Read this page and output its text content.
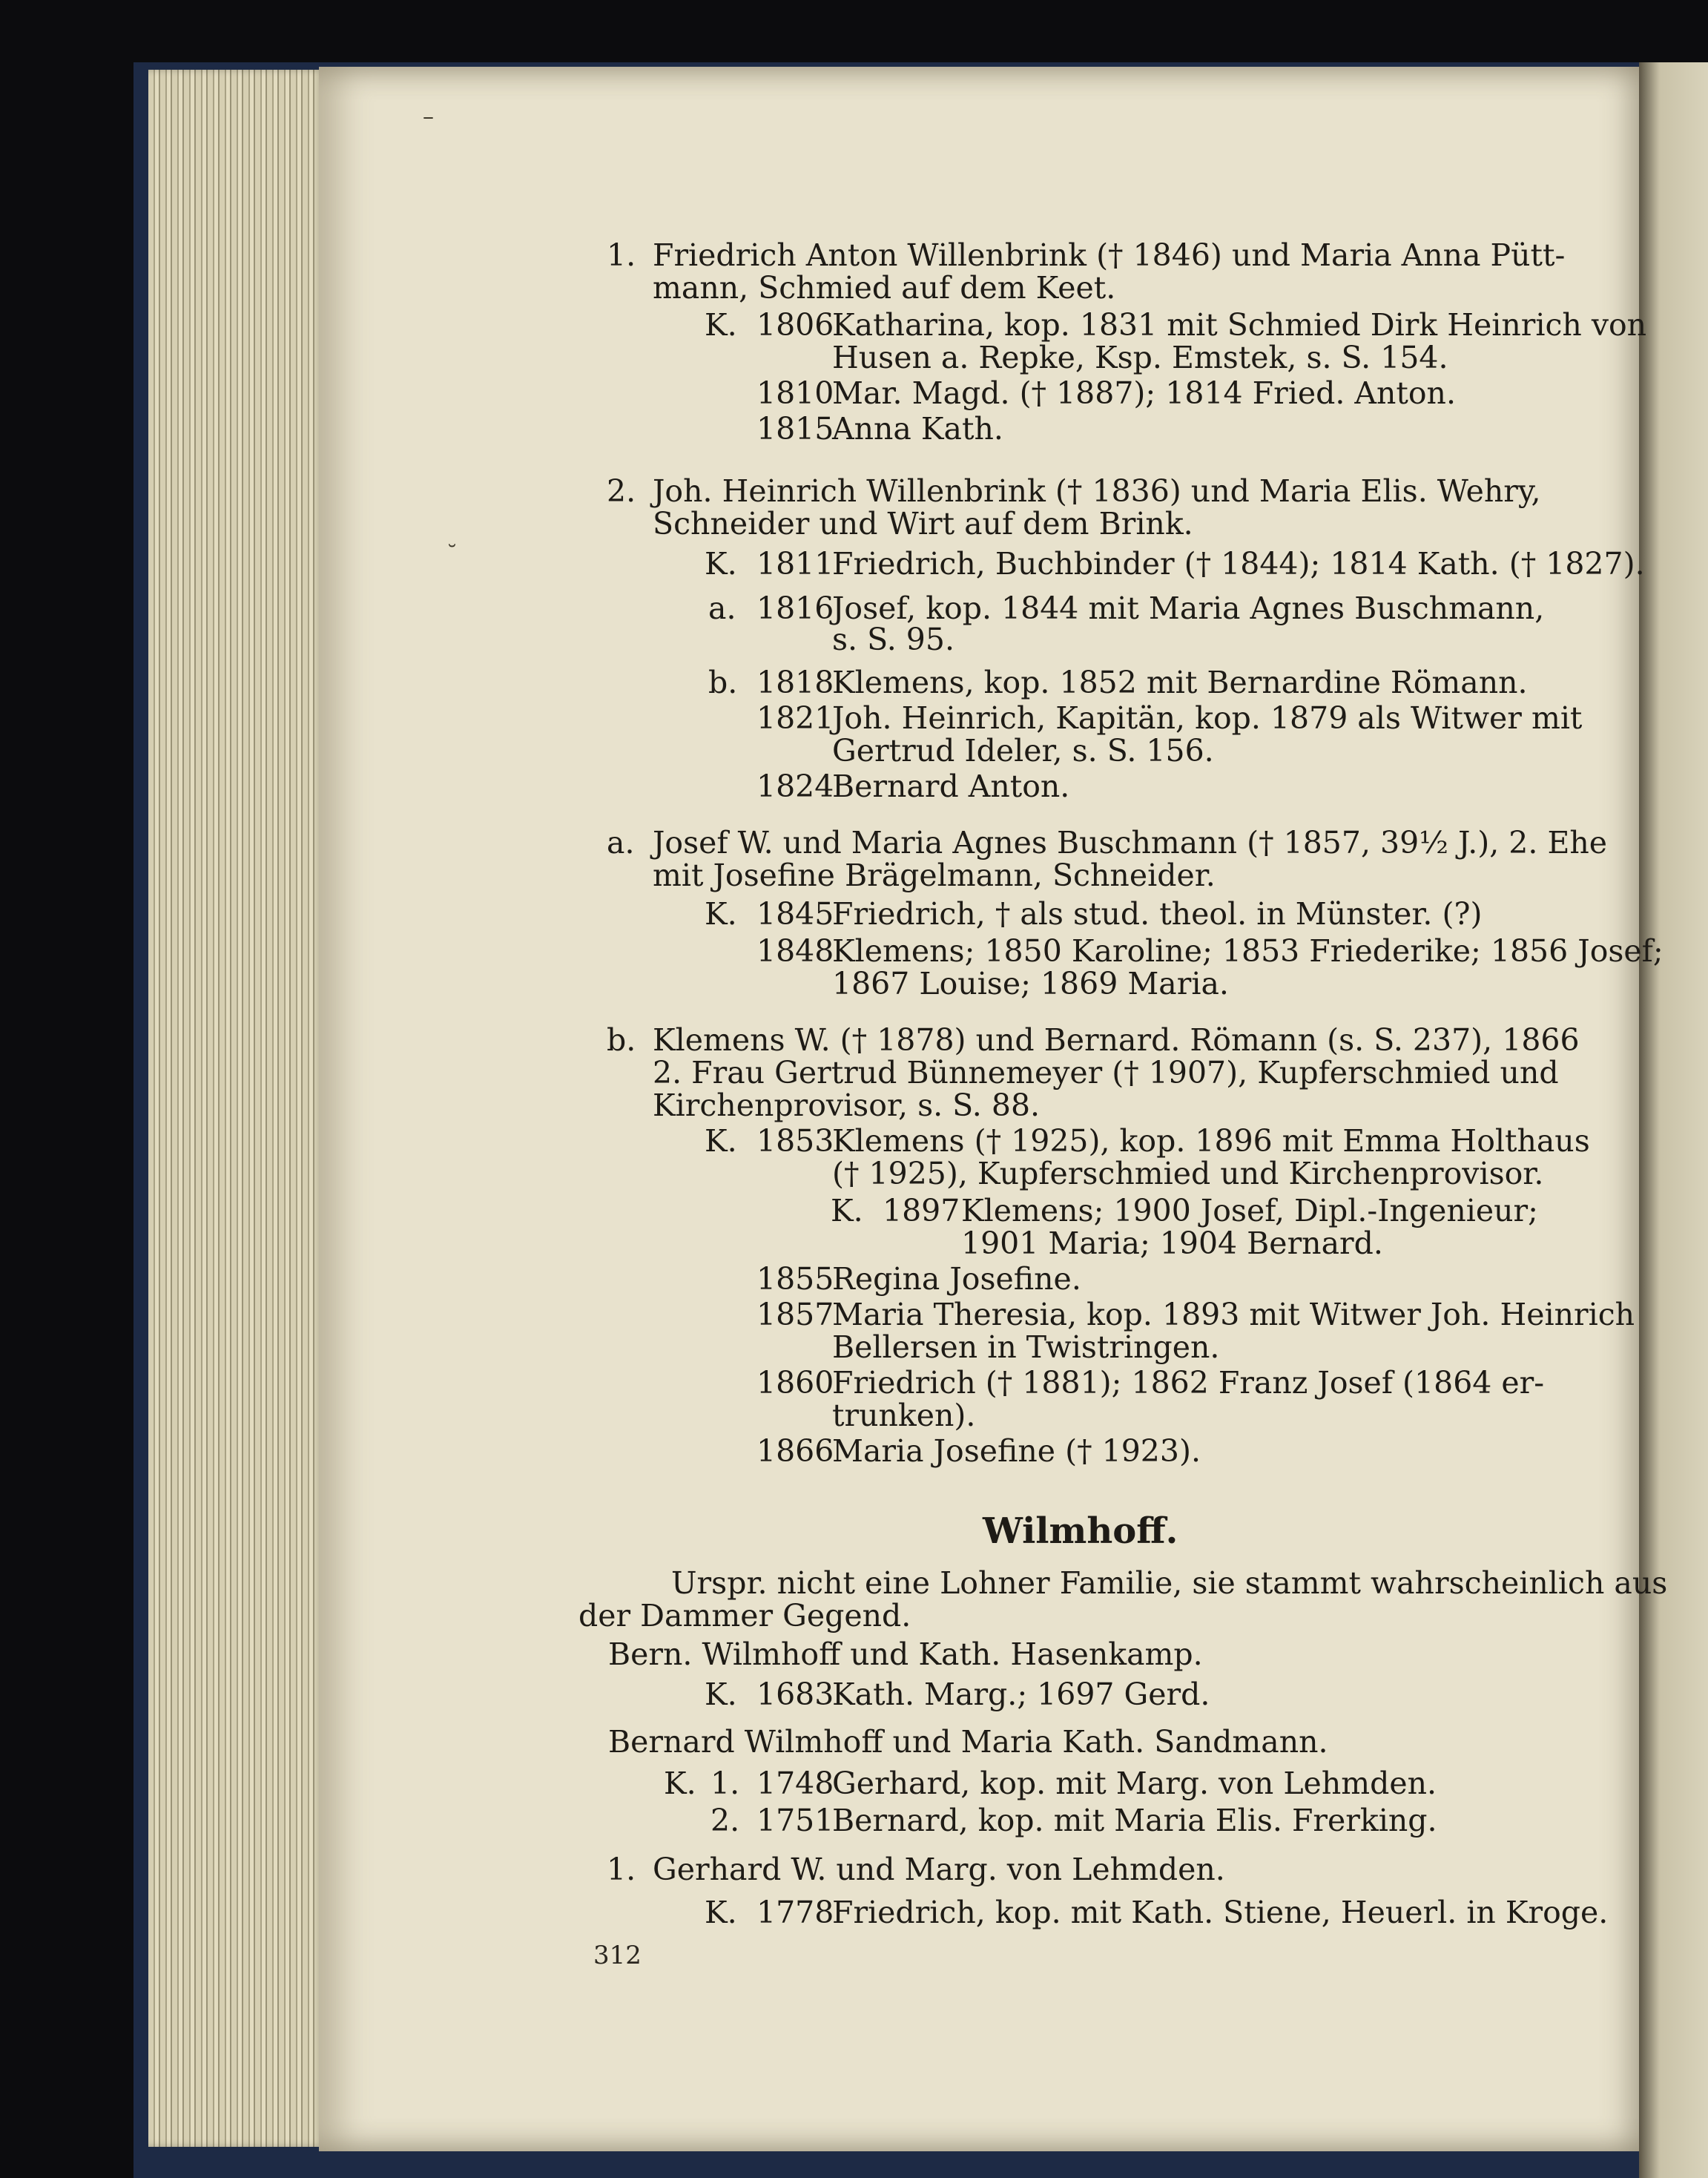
–
˘
1. Friedrich Anton Willenbrink († 1846) und Maria Anna Pütt-
mann, Schmied auf dem Keet.
K. 1806
Katharina, kop. 1831 mit Schmied Dirk Heinrich von
Husen a. Repke, Ksp. Emstek, s. S. 154.
1810
Mar. Magd. († 1887); 1814 Fried. Anton.
1815
Anna Kath.
2. Joh. Heinrich Willenbrink († 1836) und Maria Elis. Wehry,
Schneider und Wirt auf dem Brink.
K. 1811
Friedrich, Buchbinder († 1844); 1814 Kath. († 1827).
a. 1816
Josef, kop. 1844 mit Maria Agnes Buschmann,
s. S. 95.
b. 1818
Klemens, kop. 1852 mit Bernardine Römann.
1821
Joh. Heinrich, Kapitän, kop. 1879 als Witwer mit
Gertrud Ideler, s. S. 156.
1824
Bernard Anton.
a. Josef W. und Maria Agnes Buschmann († 1857, 39½ J.), 2. Ehe
mit Josefine Brägelmann, Schneider.
K. 1845
Friedrich, † als stud. theol. in Münster. (?)
1848
Klemens; 1850 Karoline; 1853 Friederike; 1856 Josef;
1867 Louise; 1869 Maria.
b. Klemens W. († 1878) und Bernard. Römann (s. S. 237), 1866
2. Frau Gertrud Bünnemeyer († 1907), Kupferschmied und
Kirchenprovisor, s. S. 88.
K. 1853
Klemens († 1925), kop. 1896 mit Emma Holthaus
(† 1925), Kupferschmied und Kirchenprovisor.
K. 1897 Klemens; 1900 Josef, Dipl.-Ingenieur;
1901 Maria; 1904 Bernard.
1855
Regina Josefine.
1857
Maria Theresia, kop. 1893 mit Witwer Joh. Heinrich
Bellersen in Twistringen.
1860
Friedrich († 1881); 1862 Franz Josef (1864 er-
trunken).
1866
Maria Josefine († 1923).
Wilmhoff.
Urspr. nicht eine Lohner Familie, sie stammt wahrscheinlich aus
der Dammer Gegend.
Bern. Wilmhoff und Kath. Hasenkamp.
K. 1683
Kath. Marg.; 1697 Gerd.
Bernard Wilmhoff und Maria Kath. Sandmann.
K. 1. 1748
Gerhard, kop. mit Marg. von Lehmden.
2. 1751
Bernard, kop. mit Maria Elis. Frerking.
1. Gerhard W. und Marg. von Lehmden.
K. 1778
Friedrich, kop. mit Kath. Stiene, Heuerl. in Kroge.
312
